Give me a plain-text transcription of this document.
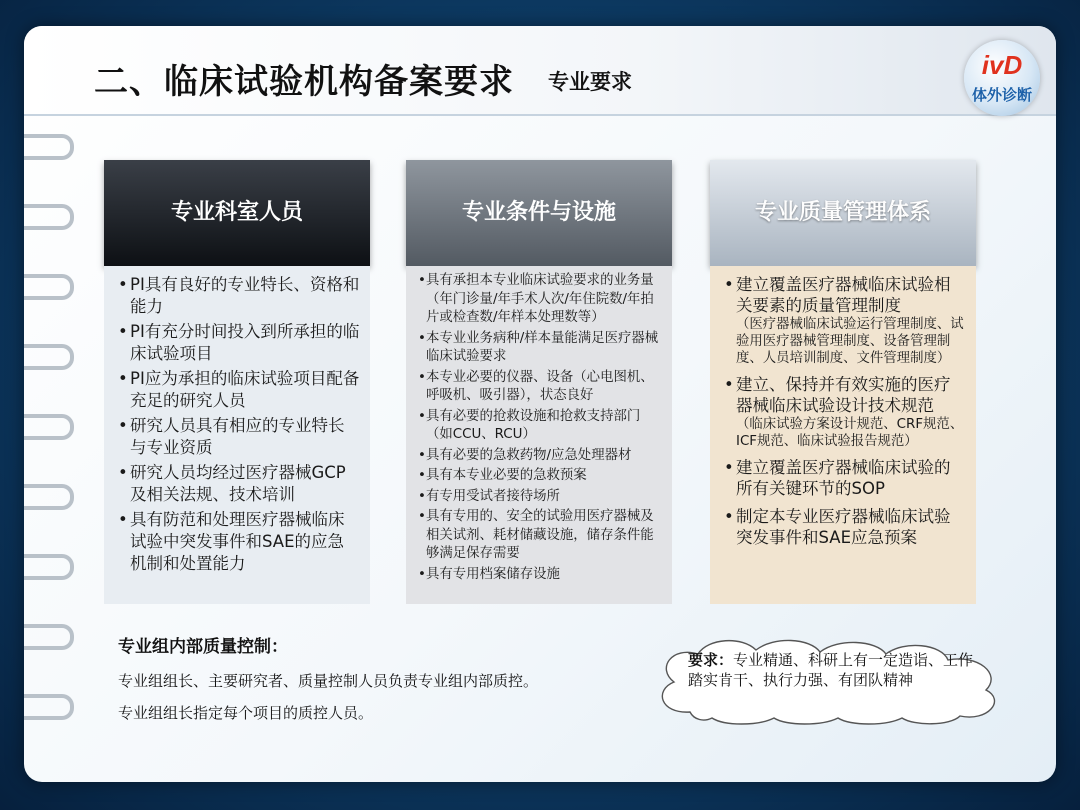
二、临床试验机构备案要求 专业要求
ivD
体外诊断
专业科室人员
• PI具有良好的专业特长、资格和能力
• PI有充分时间投入到所承担的临床试验项目
• PI应为承担的临床试验项目配备充足的研究人员
• 研究人员具有相应的专业特长与专业资质
• 研究人员均经过医疗器械GCP及相关法规、技术培训
• 具有防范和处理医疗器械临床试验中突发事件和SAE的应急机制和处置能力
专业条件与设施
• 具有承担本专业临床试验要求的业务量（年门诊量/年手术人次/年住院数/年拍片或检查数/年样本处理数等）
• 本专业业务病种/样本量能满足医疗器械临床试验要求
• 本专业必要的仪器、设备（心电图机、呼吸机、吸引器），状态良好
• 具有必要的抢救设施和抢救支持部门（如CCU、RCU）
• 具有必要的急救药物/应急处理器材
• 具有本专业必要的急救预案
• 有专用受试者接待场所
• 具有专用的、安全的试验用医疗器械及相关试剂、耗材储藏设施，储存条件能够满足保存需要
• 具有专用档案储存设施
专业质量管理体系
• 建立覆盖医疗器械临床试验相关要素的质量管理制度
（医疗器械临床试验运行管理制度、试验用医疗器械管理制度、设备管理制度、人员培训制度、文件管理制度）
• 建立、保持并有效实施的医疗器械临床试验设计技术规范
（临床试验方案设计规范、CRF规范、ICF规范、临床试验报告规范）
• 建立覆盖医疗器械临床试验的所有关键环节的SOP
• 制定本专业医疗器械临床试验突发事件和SAE应急预案
专业组内部质量控制：
专业组组长、主要研究者、质量控制人员负责专业组内部质控。
专业组组长指定每个项目的质控人员。
要求：专业精通、科研上有一定造诣、工作踏实肯干、执行力强、有团队精神
